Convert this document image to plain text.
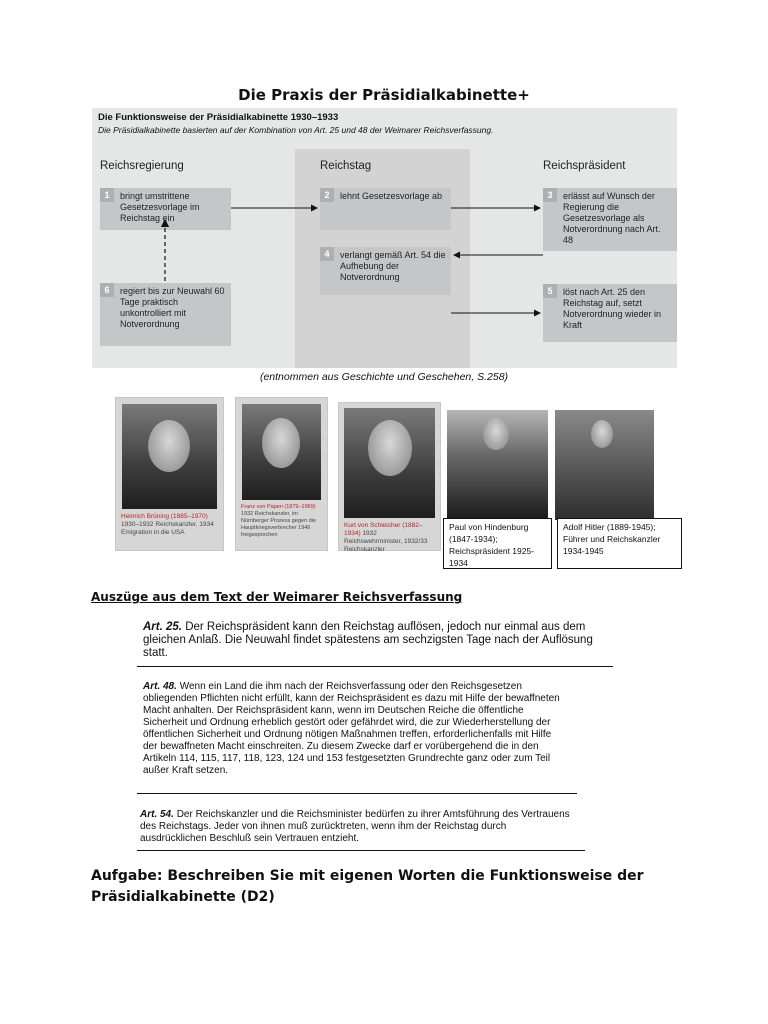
Die Praxis der Präsidialkabinette+
Die Funktionsweise der Präsidialkabinette 1930–1933
Die Präsidialkabinette basierten auf der Kombination von Art. 25 und 48 der Weimarer Reichsverfassung.
Reichsregierung	Reichstag	Reichspräsident
1	bringt umstrittene Gesetzesvorlage im Reichstag ein
2	lehnt Gesetzesvorlage ab	3	erlässt auf Wunsch der Regierung die Gesetzesvorlage als Notverordnung nach Art. 48
4	verlangt gemäß Art. 54 die Aufhebung der Notverordnung
5	löst nach Art. 25 den Reichstag auf, setzt Notverordnung wieder in Kraft
6	regiert bis zur Neuwahl 60 Tage praktisch unkontrolliert mit Notverordnung
(entnommen aus Geschichte und Geschehen, S.258)
Heinrich Brüning (1885–1970) 1930–1932 Reichskanzler, 1934 Emigration in die USA
Franz von Papen (1879–1969) 1932 Reichskanzler, im Nürnberger Prozess gegen die Hauptkriegsverbrecher 1946 freigesprochen
Kurt von Schleicher (1882–1934) 1932 Reichswehrminister, 1932/33 Reichskanzler
Paul von Hindenburg (1847-1934); Reichspräsident 1925-1934
Adolf Hitler (1889-1945); Führer und Reichskanzler 1934-1945
Auszüge aus dem Text der Weimarer Reichsverfassung
Art. 25. Der Reichspräsident kann den Reichstag auflösen, jedoch nur einmal aus dem gleichen Anlaß. Die Neuwahl findet spätestens am sechzigsten Tage nach der Auflösung statt.
Art. 48. Wenn ein Land die ihm nach der Reichsverfassung oder den Reichsgesetzen obliegenden Pflichten nicht erfüllt, kann der Reichspräsident es dazu mit Hilfe der bewaffneten Macht anhalten. Der Reichspräsident kann, wenn im Deutschen Reiche die öffentliche Sicherheit und Ordnung erheblich gestört oder gefährdet wird, die zur Wiederherstellung der öffentlichen Sicherheit und Ordnung nötigen Maßnahmen treffen, erforderlichenfalls mit Hilfe der bewaffneten Macht einschreiten. Zu diesem Zwecke darf er vorübergehend die in den Artikeln 114, 115, 117, 118, 123, 124 und 153 festgesetzten Grundrechte ganz oder zum Teil außer Kraft setzen.
Art. 54. Der Reichskanzler und die Reichsminister bedürfen zu ihrer Amtsführung des Vertrauens des Reichstags. Jeder von ihnen muß zurücktreten, wenn ihm der Reichstag durch ausdrücklichen Beschluß sein Vertrauen entzieht.
Aufgabe: Beschreiben Sie mit eigenen Worten die Funktionsweise der Präsidialkabinette (D2)
